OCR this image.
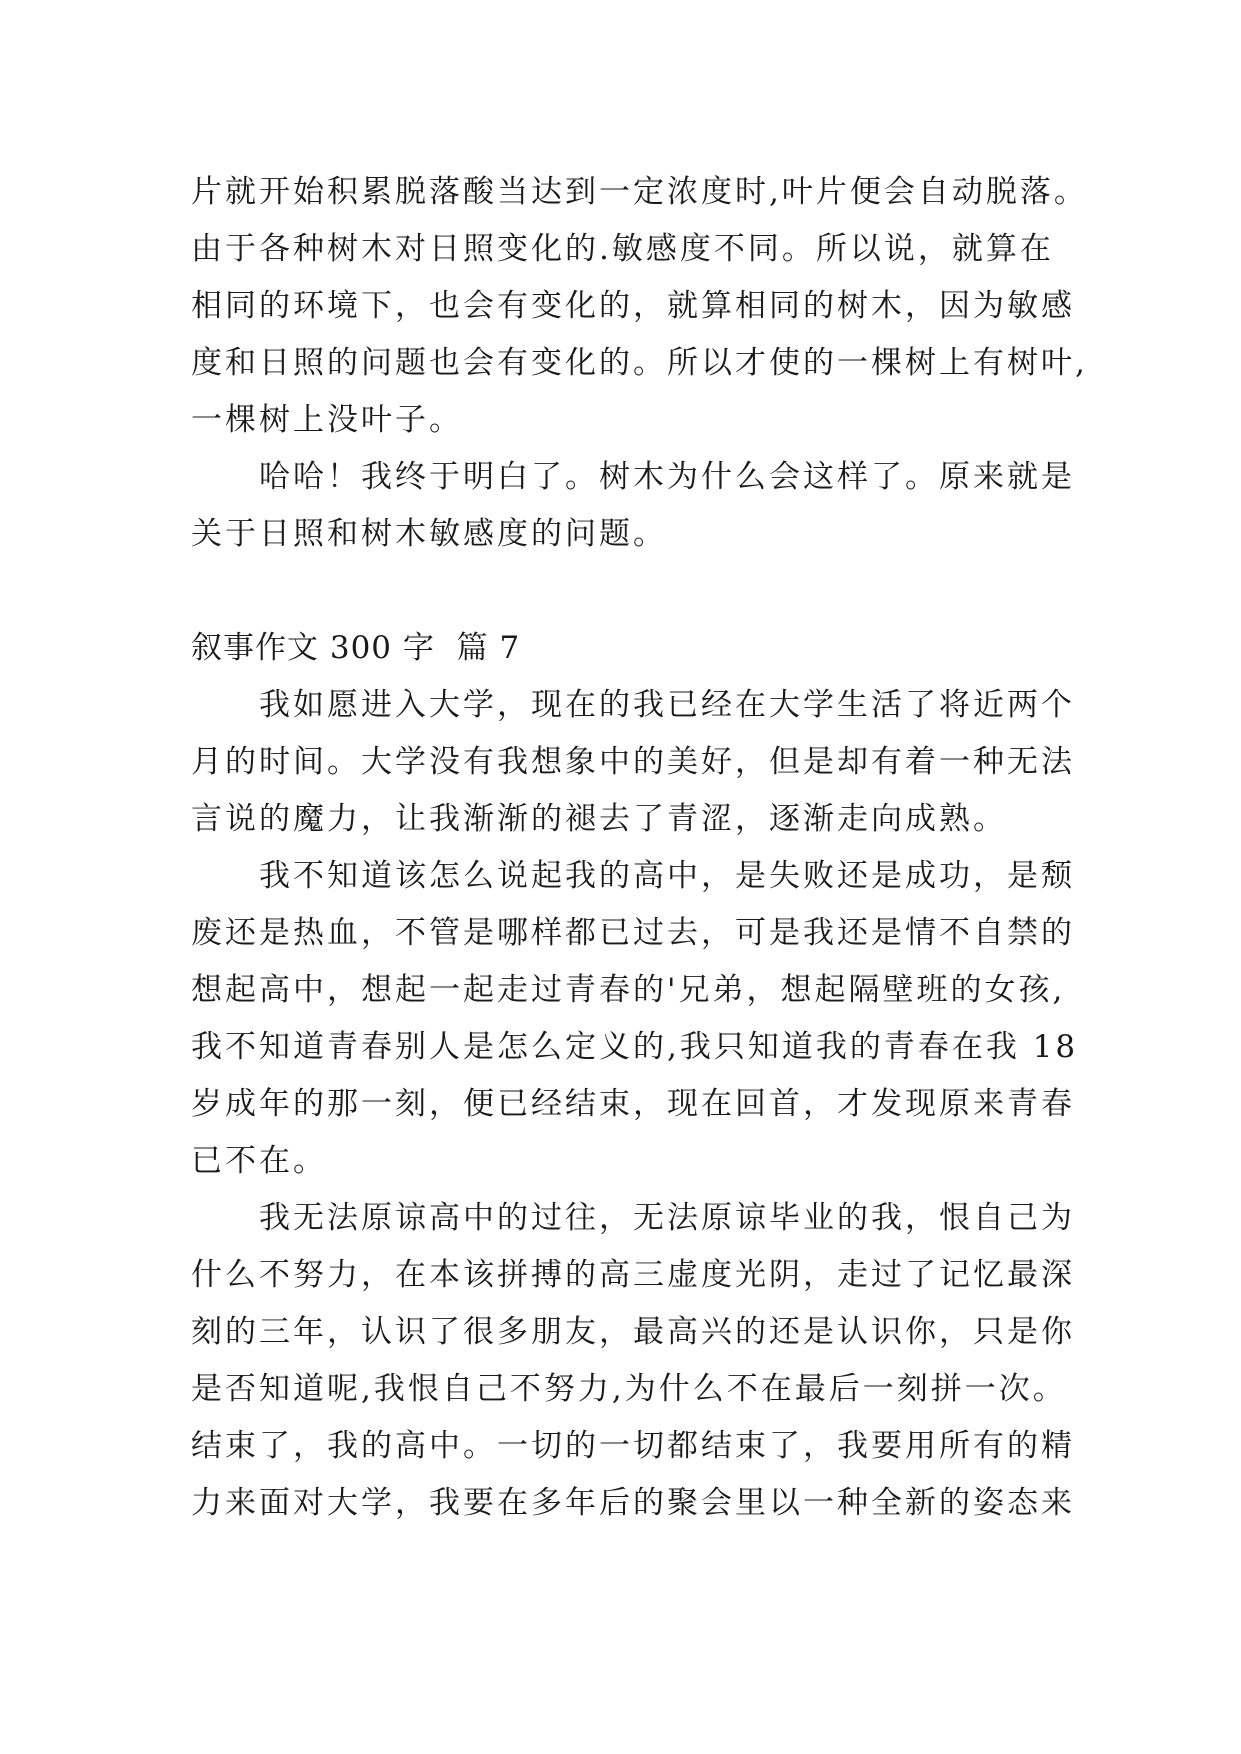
片就开始积累脱落酸当达到一定浓度时,叶片便会自动脱落。
由于各种树木对日照变化的.敏感度不同。所以说，就算在
相同的环境下，也会有变化的，就算相同的树木，因为敏感
度和日照的问题也会有变化的。所以才使的一棵树上有树叶,
一棵树上没叶子。
　　哈哈！我终于明白了。树木为什么会这样了。原来就是
关于日照和树木敏感度的问题。
叙事作文 300 字  篇 7
　　我如愿进入大学，现在的我已经在大学生活了将近两个
月的时间。大学没有我想象中的美好，但是却有着一种无法
言说的魔力，让我渐渐的褪去了青涩，逐渐走向成熟。
　　我不知道该怎么说起我的高中，是失败还是成功，是颓
废还是热血，不管是哪样都已过去，可是我还是情不自禁的
想起高中，想起一起走过青春的'兄弟，想起隔壁班的女孩,
我不知道青春别人是怎么定义的,我只知道我的青春在我 18
岁成年的那一刻，便已经结束，现在回首，才发现原来青春
已不在。
　　我无法原谅高中的过往，无法原谅毕业的我，恨自己为
什么不努力，在本该拼搏的高三虚度光阴，走过了记忆最深
刻的三年，认识了很多朋友，最高兴的还是认识你，只是你
是否知道呢,我恨自己不努力,为什么不在最后一刻拼一次。
结束了，我的高中。一切的一切都结束了，我要用所有的精
力来面对大学，我要在多年后的聚会里以一种全新的姿态来
